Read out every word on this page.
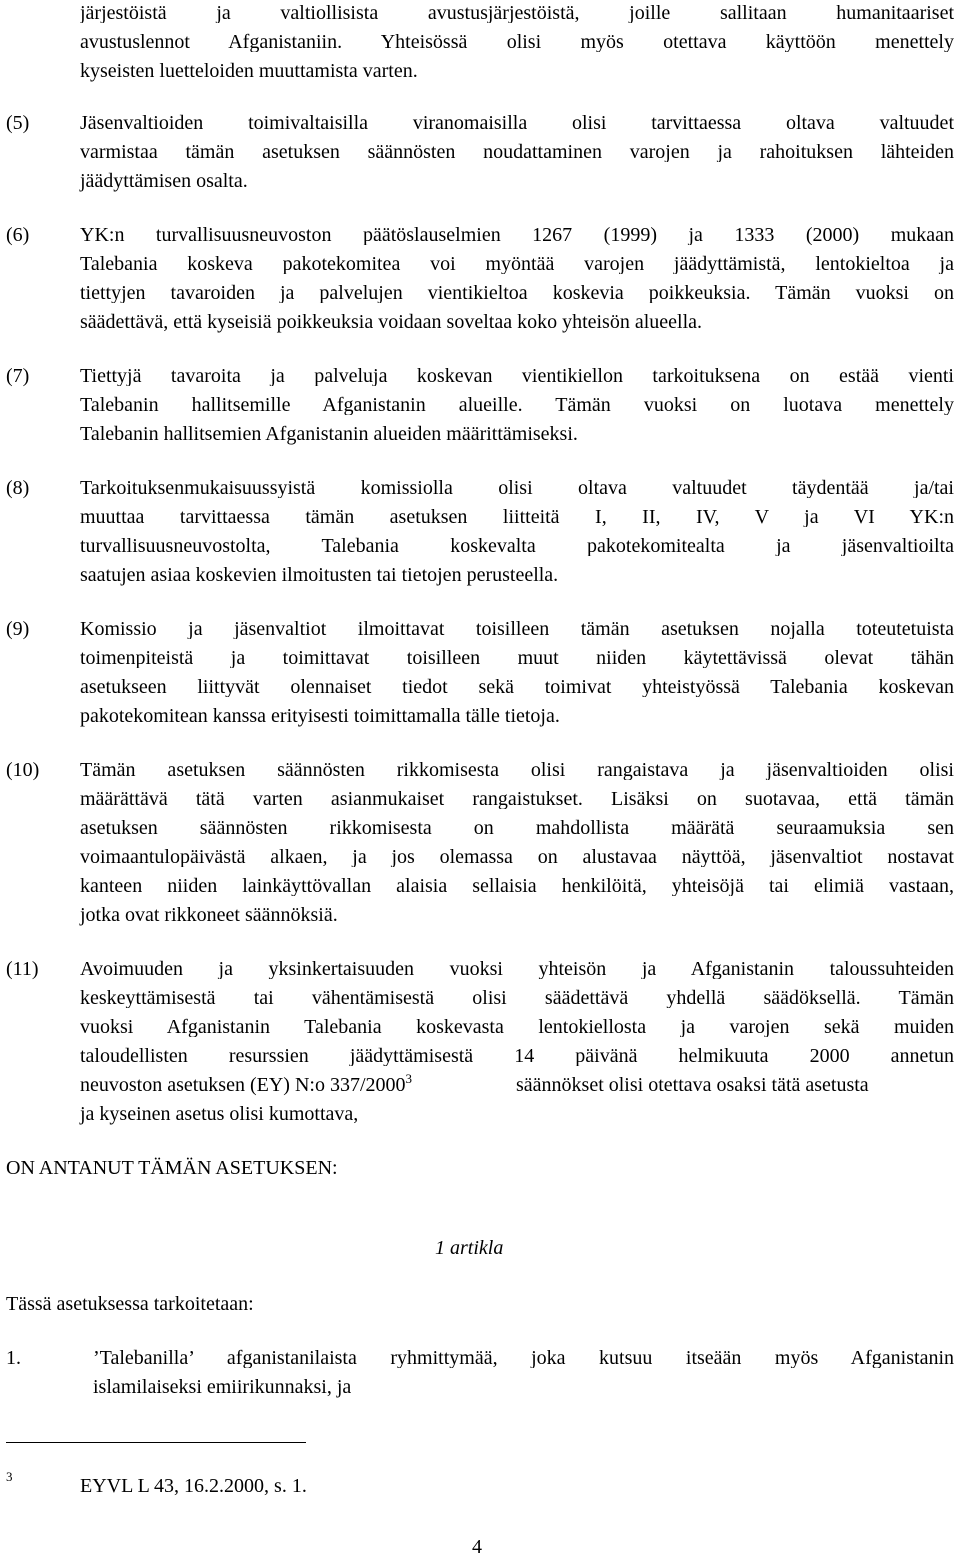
järjestöistä ja valtiollisista avustusjärjestöistä, joille sallitaan humanitaariset
avustuslennot Afganistaniin. Yhteisössä olisi myös otettava käyttöön menettely
kyseisten luetteloiden muuttamista varten.
(5)	Jäsenvaltioiden toimivaltaisilla viranomaisilla olisi tarvittaessa oltava valtuudet
varmistaa tämän asetuksen säännösten noudattaminen varojen ja rahoituksen lähteiden
jäädyttämisen osalta.
(6)	YK:n turvallisuusneuvoston päätöslauselmien 1267 (1999) ja 1333 (2000) mukaan
Talebania koskeva pakotekomitea voi myöntää varojen jäädyttämistä, lentokieltoa ja
tiettyjen tavaroiden ja palvelujen vientikieltoa koskevia poikkeuksia. Tämän vuoksi on
säädettävä, että kyseisiä poikkeuksia voidaan soveltaa koko yhteisön alueella.
(7)	Tiettyjä tavaroita ja palveluja koskevan vientikiellon tarkoituksena on estää vienti
Talebanin hallitsemille Afganistanin alueille. Tämän vuoksi on luotava menettely
Talebanin hallitsemien Afganistanin alueiden määrittämiseksi.
(8)	Tarkoituksenmukaisuussyistä komissiolla olisi oltava valtuudet täydentää ja/tai
muuttaa tarvittaessa tämän asetuksen liitteitä I, II, IV, V ja VI YK:n
turvallisuusneuvostolta, Talebania koskevalta pakotekomitealta ja jäsenvaltioilta
saatujen asiaa koskevien ilmoitusten tai tietojen perusteella.
(9)	Komissio ja jäsenvaltiot ilmoittavat toisilleen tämän asetuksen nojalla toteutetuista
toimenpiteistä ja toimittavat toisilleen muut niiden käytettävissä olevat tähän
asetukseen liittyvät olennaiset tiedot sekä toimivat yhteistyössä Talebania koskevan
pakotekomitean kanssa erityisesti toimittamalla tälle tietoja.
(10) Tämän asetuksen säännösten rikkomisesta olisi rangaistava ja jäsenvaltioiden olisi
määrättävä tätä varten asianmukaiset rangaistukset. Lisäksi on suotavaa, että tämän
asetuksen säännösten rikkomisesta on mahdollista määrätä seuraamuksia sen
voimaantulopäivästä alkaen, ja jos olemassa on alustavaa näyttöä, jäsenvaltiot nostavat
kanteen niiden lainkäyttövallan alaisia sellaisia henkilöitä, yhteisöjä tai elimiä vastaan,
jotka ovat rikkoneet säännöksiä.
(11) Avoimuuden ja yksinkertaisuuden vuoksi yhteisön ja Afganistanin taloussuhteiden
keskeyttämisestä tai vähentämisestä olisi säädettävä yhdellä säädöksellä. Tämän
vuoksi Afganistanin Talebania koskevasta lentokiellosta ja varojen sekä muiden
taloudellisten resurssien jäädyttämisestä 14 päivänä helmikuuta 2000 annetun
neuvoston asetuksen (EY) N:o 337/2000$^3$	säännökset olisi otettava osaksi tätä asetusta
ja kyseinen asetus olisi kumottava,
ON ANTANUT TÄMÄN ASETUKSEN:
1 artikla
Tässä asetuksessa tarkoitetaan:
1.	’Talebanilla’ afganistanilaista ryhmittymää, joka kutsuu itseään myös Afganistanin
islamilaiseksi emiirikunnaksi, ja
3	EYVL L 43, 16.2.2000, s. 1.
4
